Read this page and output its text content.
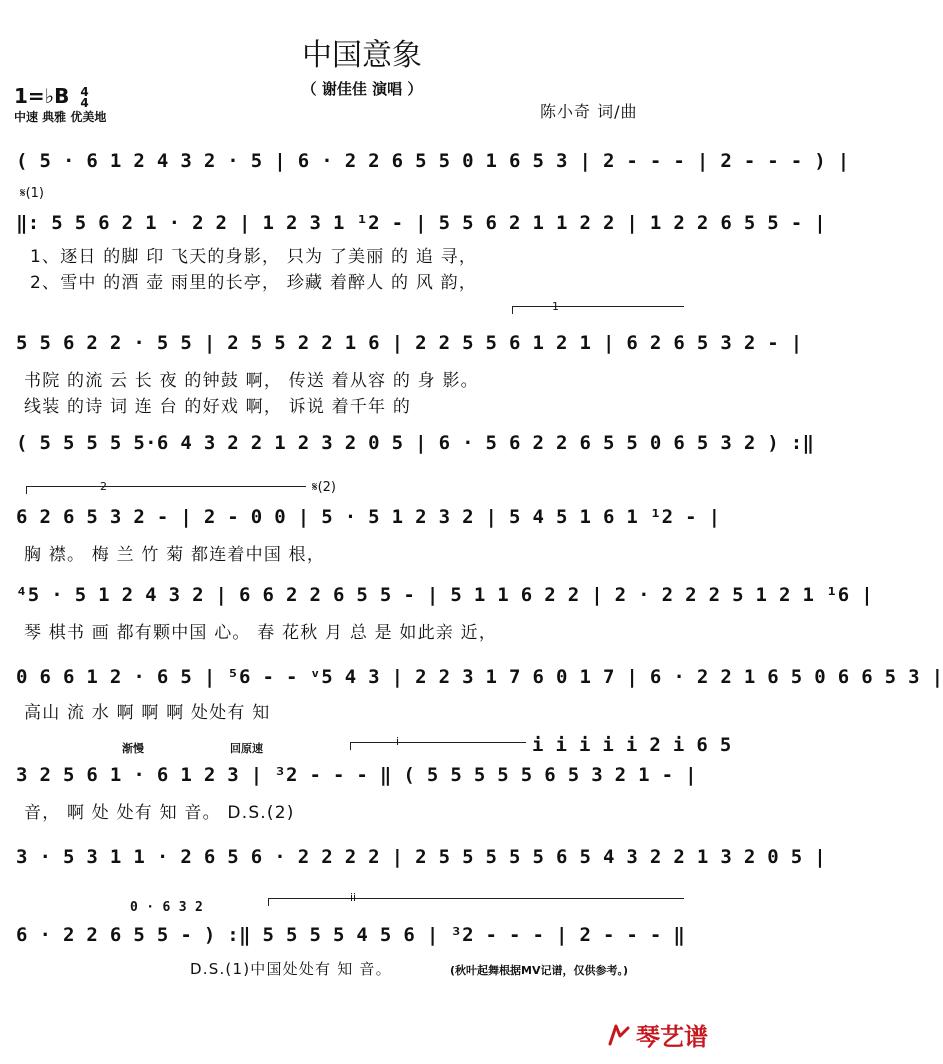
中国意象
（ 谢佳佳 演唱 ）
1=♭B 4
4
中速 典雅 优美地	陈小奇 词/曲
( 5 · 6 1 2 4 3 2 · 5 | 6 · 2 2 6 5 5 0 1 6 5 3 | 2 - - - | 2 - - - ) |
𝄋(1)
‖: 5 5 6 2 1 · 2 2 | 1 2 3 1 ¹2 - | 5 5 6 2 1 1 2 2 | 1 2 2 6 5 5 - |
1、逐日 的脚 印 飞天的身影， 只为 了美丽 的 追 寻，
2、雪中 的酒 壶 雨里的长亭， 珍藏 着醉人 的 风 韵，
1
5 5 6 2 2 · 5 5 | 2 5 5 2 2 1 6 | 2 2 5 5 6 1 2 1 | 6 2 6 5 3 2 - |
书院 的流 云 长 夜 的钟鼓 啊， 传送 着从容 的 身 影。
线装 的诗 词 连 台 的好戏 啊， 诉说 着千年 的
( 5 5 5 5 5·6 4 3 2 2 1 2 3 2 0 5 | 6 · 5 6 2 2 6 5 5 0 6 5 3 2 ) :‖
2	𝄋(2)
6 2 6 5 3 2 - | 2 - 0 0 | 5 · 5 1 2 3 2 | 5 4 5 1 6 1 ¹2 - |
胸 襟。 梅 兰 竹 菊 都连着中国 根，
⁴5 · 5 1 2 4 3 2 | 6 6 2 2 6 5 5 - | 5 1 1 6 2 2 | 2 · 2 2 2 5 1 2 1 ¹6 |
琴 棋书 画 都有颗中国 心。 春 花秋 月 总 是 如此亲 近，
0 6 6 1 2 · 6 5 | ⁵6 - - ᵛ5 4 3 | 2 2 3 1 7 6 0 1 7 | 6 · 2 2 1 6 5 0 6 6 5 3 |
高山 流 水 啊 啊 啊 处处有 知
渐慢	回原速
i	i i i i i 2 i 6 5
3 2 5 6 1 · 6 1 2 3 | ³2 - - - ‖ ( 5 5 5 5 5 6 5 3 2 1 - |
音， 啊 处 处有 知 音。 D.S.(2)
3 · 5 3 1 1 · 2 6 5 6 · 2 2 2 2 | 2 5 5 5 5 5 6 5 4 3 2 2 1 3 2 0 5 |
ii
0 · 6 3 2
6 · 2 2 6 5 5 - ) :‖ 5 5 5 5 4 5 6 | ³2 - - - | 2 - - - ‖
D.S.(1)中国处处有 知 音。	(秋叶起舞根据MV记谱，仅供参考。)
琴艺谱
